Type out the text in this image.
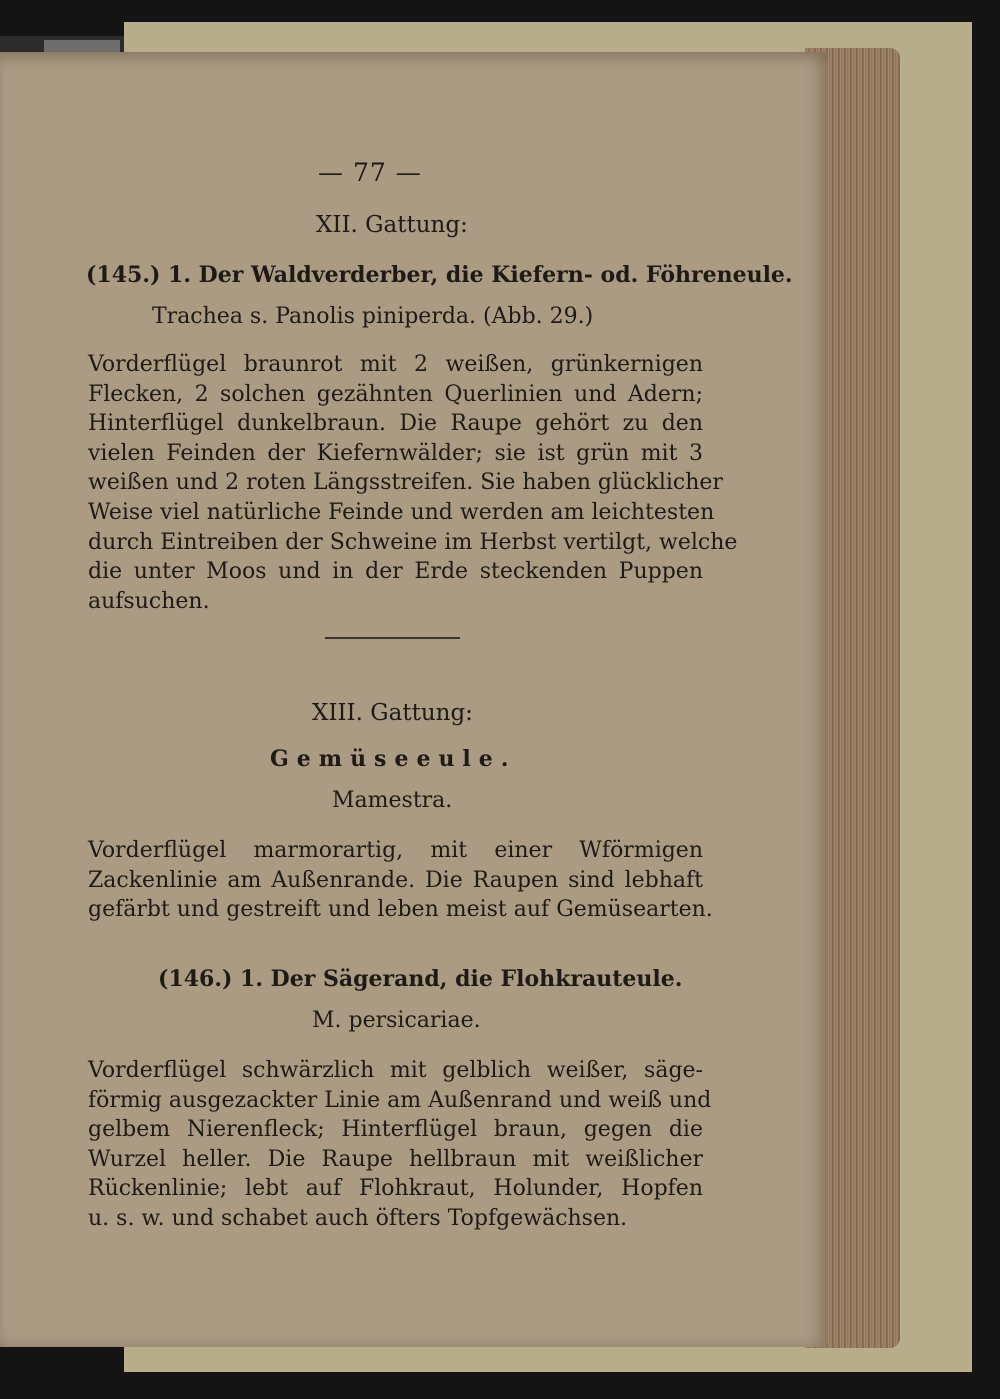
— 77 —
XII. Gattung:
(145.) 1. Der Waldverderber, die Kiefern- od. Föhreneule.
Trachea s. Panolis piniperda. (Abb. 29.)
Vorderflügel braunrot mit 2 weißen, grünkernigen
Flecken, 2 solchen gezähnten Querlinien und Adern;
Hinterflügel dunkelbraun. Die Raupe gehört zu den
vielen Feinden der Kiefernwälder; sie ist grün mit 3
weißen und 2 roten Längsstreifen. Sie haben glücklicher
Weise viel natürliche Feinde und werden am leichtesten
durch Eintreiben der Schweine im Herbst vertilgt, welche
die unter Moos und in der Erde steckenden Puppen
aufsuchen.
XIII. Gattung:
Gemüseeule.
Mamestra.
Vorderflügel marmorartig, mit einer Wförmigen
Zackenlinie am Außenrande. Die Raupen sind lebhaft
gefärbt und gestreift und leben meist auf Gemüsearten.
(146.) 1. Der Sägerand, die Flohkrauteule.
M. persicariae.
Vorderflügel schwärzlich mit gelblich weißer, säge-
förmig ausgezackter Linie am Außenrand und weiß und
gelbem Nierenfleck; Hinterflügel braun, gegen die
Wurzel heller. Die Raupe hellbraun mit weißlicher
Rückenlinie; lebt auf Flohkraut, Holunder, Hopfen
u. s. w. und schabet auch öfters Topfgewächsen.
